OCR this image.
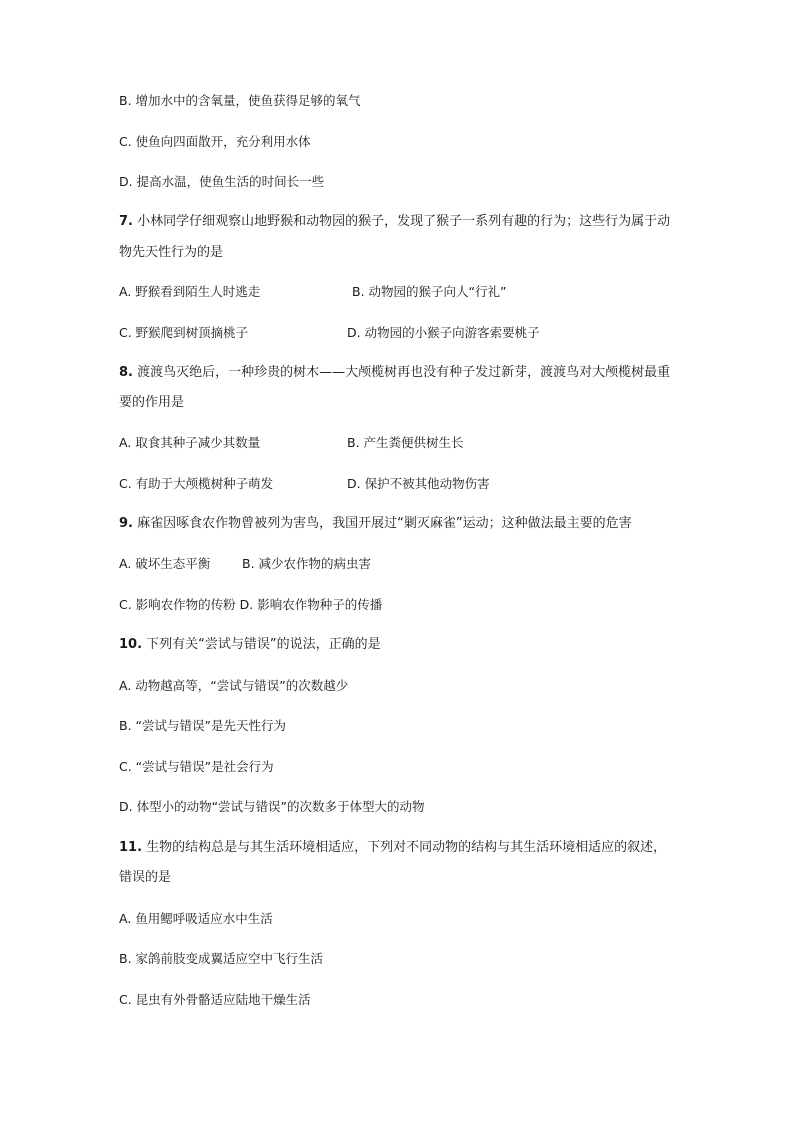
B. 增加水中的含氧量，使鱼获得足够的氧气
C. 使鱼向四面散开，充分利用水体
D. 提高水温，使鱼生活的时间长一些
7. 小林同学仔细观察山地野猴和动物园的猴子，发现了猴子一系列有趣的行为；这些行为属于动
物先天性行为的是
A. 野猴看到陌生人时逃走	B. 动物园的猴子向人“行礼”
C. 野猴爬到树顶摘桃子	D. 动物园的小猴子向游客索要桃子
8. 渡渡鸟灭绝后，一种珍贵的树木——大颅榄树再也没有种子发过新芽，渡渡鸟对大颅榄树最重
要的作用是
A. 取食其种子减少其数量	B. 产生粪便供树生长
C. 有助于大颅榄树种子萌发	D. 保护不被其他动物伤害
9. 麻雀因啄食农作物曾被列为害鸟，我国开展过“剿灭麻雀”运动；这种做法最主要的危害
A. 破坏生态平衡	B. 减少农作物的病虫害
C. 影响农作物的传粉 D. 影响农作物种子的传播
10. 下列有关“尝试与错误”的说法，正确的是
A. 动物越高等，“尝试与错误”的次数越少
B. “尝试与错误”是先天性行为
C. “尝试与错误”是社会行为
D. 体型小的动物“尝试与错误”的次数多于体型大的动物
11. 生物的结构总是与其生活环境相适应，下列对不同动物的结构与其生活环境相适应的叙述，
错误的是
A. 鱼用鳃呼吸适应水中生活
B. 家鸽前肢变成翼适应空中飞行生活
C. 昆虫有外骨骼适应陆地干燥生活
